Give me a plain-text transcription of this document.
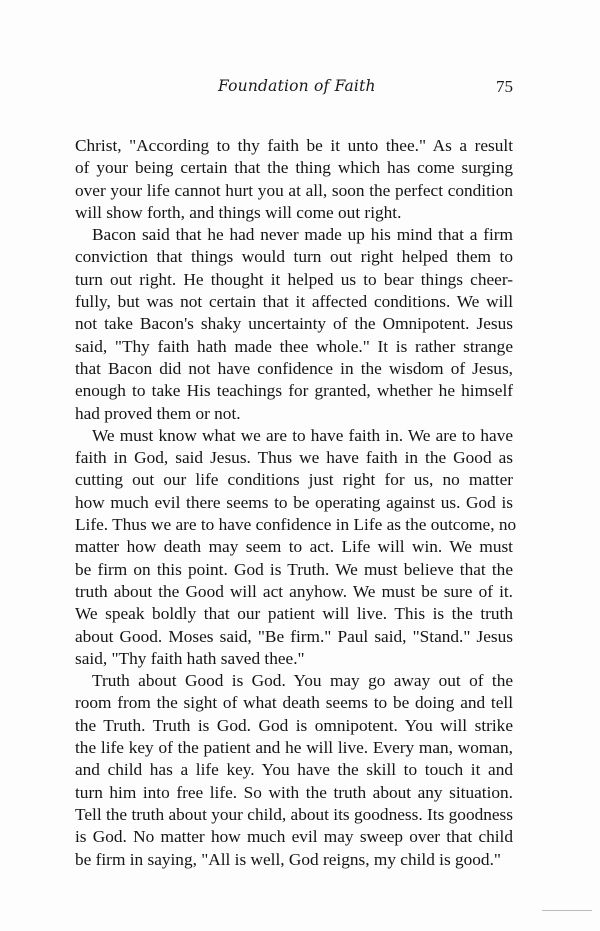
Foundation of Faith	75
Christ, "According to thy faith be it unto thee." As a result
of your being certain that the thing which has come surging
over your life cannot hurt you at all, soon the perfect condition
will show forth, and things will come out right.
Bacon said that he had never made up his mind that a firm
conviction that things would turn out right helped them to
turn out right. He thought it helped us to bear things cheer-
fully, but was not certain that it affected conditions. We will
not take Bacon's shaky uncertainty of the Omnipotent. Jesus
said, "Thy faith hath made thee whole." It is rather strange
that Bacon did not have confidence in the wisdom of Jesus,
enough to take His teachings for granted, whether he himself
had proved them or not.
We must know what we are to have faith in. We are to have
faith in God, said Jesus. Thus we have faith in the Good as
cutting out our life conditions just right for us, no matter
how much evil there seems to be operating against us. God is
Life. Thus we are to have confidence in Life as the outcome, no
matter how death may seem to act. Life will win. We must
be firm on this point. God is Truth. We must believe that the
truth about the Good will act anyhow. We must be sure of it.
We speak boldly that our patient will live. This is the truth
about Good. Moses said, "Be firm." Paul said, "Stand." Jesus
said, "Thy faith hath saved thee."
Truth about Good is God. You may go away out of the
room from the sight of what death seems to be doing and tell
the Truth. Truth is God. God is omnipotent. You will strike
the life key of the patient and he will live. Every man, woman,
and child has a life key. You have the skill to touch it and
turn him into free life. So with the truth about any situation.
Tell the truth about your child, about its goodness. Its goodness
is God. No matter how much evil may sweep over that child
be firm in saying, "All is well, God reigns, my child is good."
